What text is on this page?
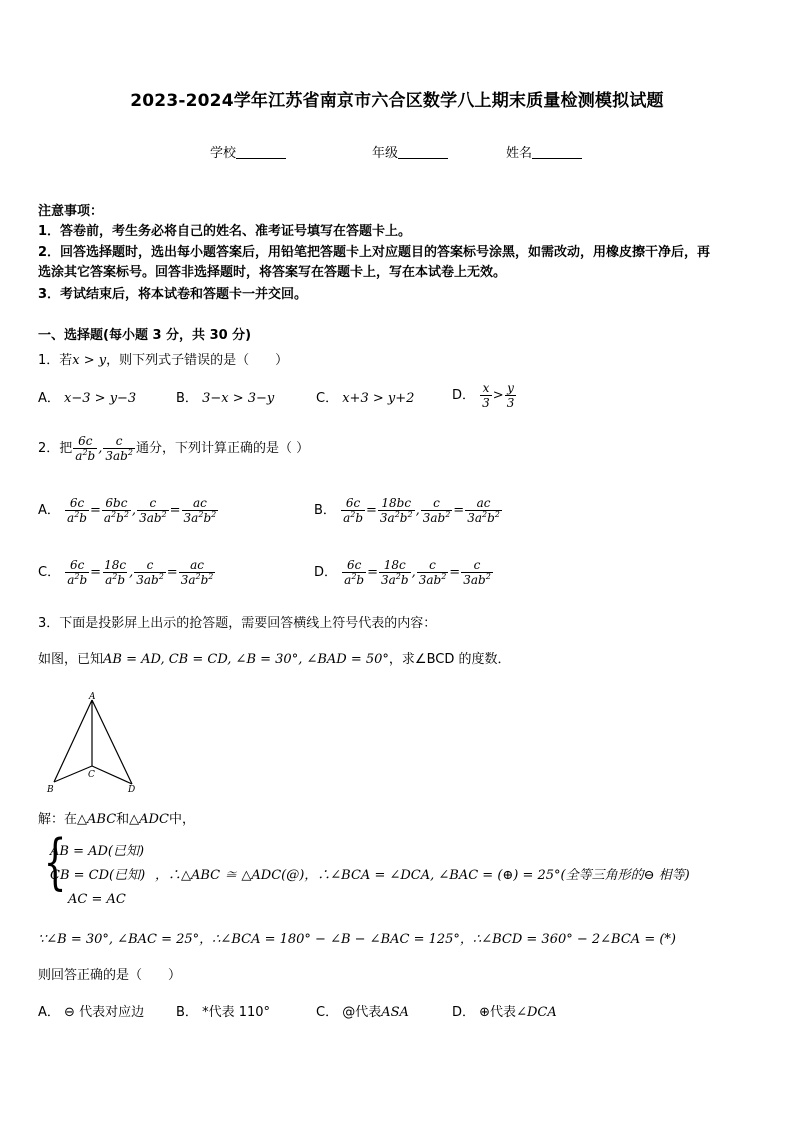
2023-2024学年江苏省南京市六合区数学八上期末质量检测模拟试题
学校	年级	姓名
注意事项：
1．答卷前，考生务必将自己的姓名、准考证号填写在答题卡上。
2．回答选择题时，选出每小题答案后，用铅笔把答题卡上对应题目的答案标号涂黑，如需改动，用橡皮擦干净后，再
选涂其它答案标号。回答非选择题时，将答案写在答题卡上，写在本试卷上无效。
3．考试结束后，将本试卷和答题卡一并交回。
一、选择题(每小题 3 分，共 30 分)
1．若x > y，则下列式子错误的是（　　）
A． x−3 > y−3	B． 3−x > 3−y	C． x+3 > y+2	D．
$\frac{x}{3} > \frac{y}{3}$
2．把 $\frac{6c}{a^2b}$ , $\frac{c}{3ab^2}$ 通分，下列计算正确的是（ ）
A．
$\frac{6c}{a^2b} = \frac{6bc}{a^2b^2}$ , $\frac{c}{3ab^2} = \frac{ac}{3a^2b^2}$	B．
$\frac{6c}{a^2b} = \frac{18bc}{3a^2b^2}$ , $\frac{c}{3ab^2} = \frac{ac}{3a^2b^2}$
C．
$\frac{6c}{a^2b} = \frac{18c}{a^2b}$ , $\frac{c}{3ab^2} = \frac{ac}{3a^2b^2}$	D．
$\frac{6c}{a^2b} = \frac{18c}{3a^2b}$ , $\frac{c}{3ab^2} = \frac{c}{3ab^2}$
3．下面是投影屏上出示的抢答题，需要回答横线上符号代表的内容：
如图，已知AB = AD, CB = CD, ∠B = 30°, ∠BAD = 50°，求∠BCD 的度数．
A
B
C
D
解：在△ABC和△ADC中，
{
AB = AD(已知)
CB = CD(已知)
AC = AC
，∴△ABC ≅ △ADC(@)，∴∠BCA = ∠DCA, ∠BAC = (⊕) = 25°(全等三角形的⊖ 相等)
∵∠B = 30°, ∠BAC = 25°，∴∠BCA = 180° − ∠B − ∠BAC = 125°，∴∠BCD = 360° − 2∠BCA = (*)
则回答正确的是（　　）
A． ⊖ 代表对应边 B． *代表 110°	C． @代表ASA	D． ⊕代表∠DCA
